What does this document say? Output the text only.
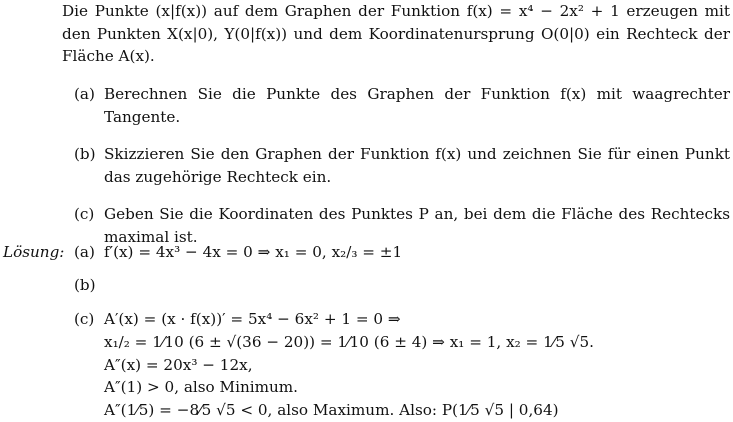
Die Punkte (x|f(x)) auf dem Graphen der Funktion f(x) = x⁴ − 2x² + 1 erzeugen mit den Punkten X(x|0), Y(0|f(x)) und dem Koordinatenursprung O(0|0) ein Rechteck der Fläche A(x).
(a) Berechnen Sie die Punkte des Graphen der Funktion f(x) mit waagrechter Tangente.
(b) Skizzieren Sie den Graphen der Funktion f(x) und zeichnen Sie für einen Punkt das zugehörige Rechteck ein.
(c) Geben Sie die Koordinaten des Punktes P an, bei dem die Fläche des Rechtecks maximal ist.
Lösung: (a) f′(x) = 4x³ − 4x = 0 ⇒ x₁ = 0, x₂/₃ = ±1
(b)
(c) A′(x) = (x · f(x))′ = 5x⁴ − 6x² + 1 = 0 ⇒
x₁/₂ = 1⁄10 (6 ± √(36 − 20)) = 1⁄10 (6 ± 4) ⇒ x₁ = 1, x₂ = 1⁄5 √5.
A″(x) = 20x³ − 12x,
A″(1) > 0, also Minimum.
A″(1⁄5) = −8⁄5 √5 < 0, also Maximum. Also: P(1⁄5 √5 | 0,64)
